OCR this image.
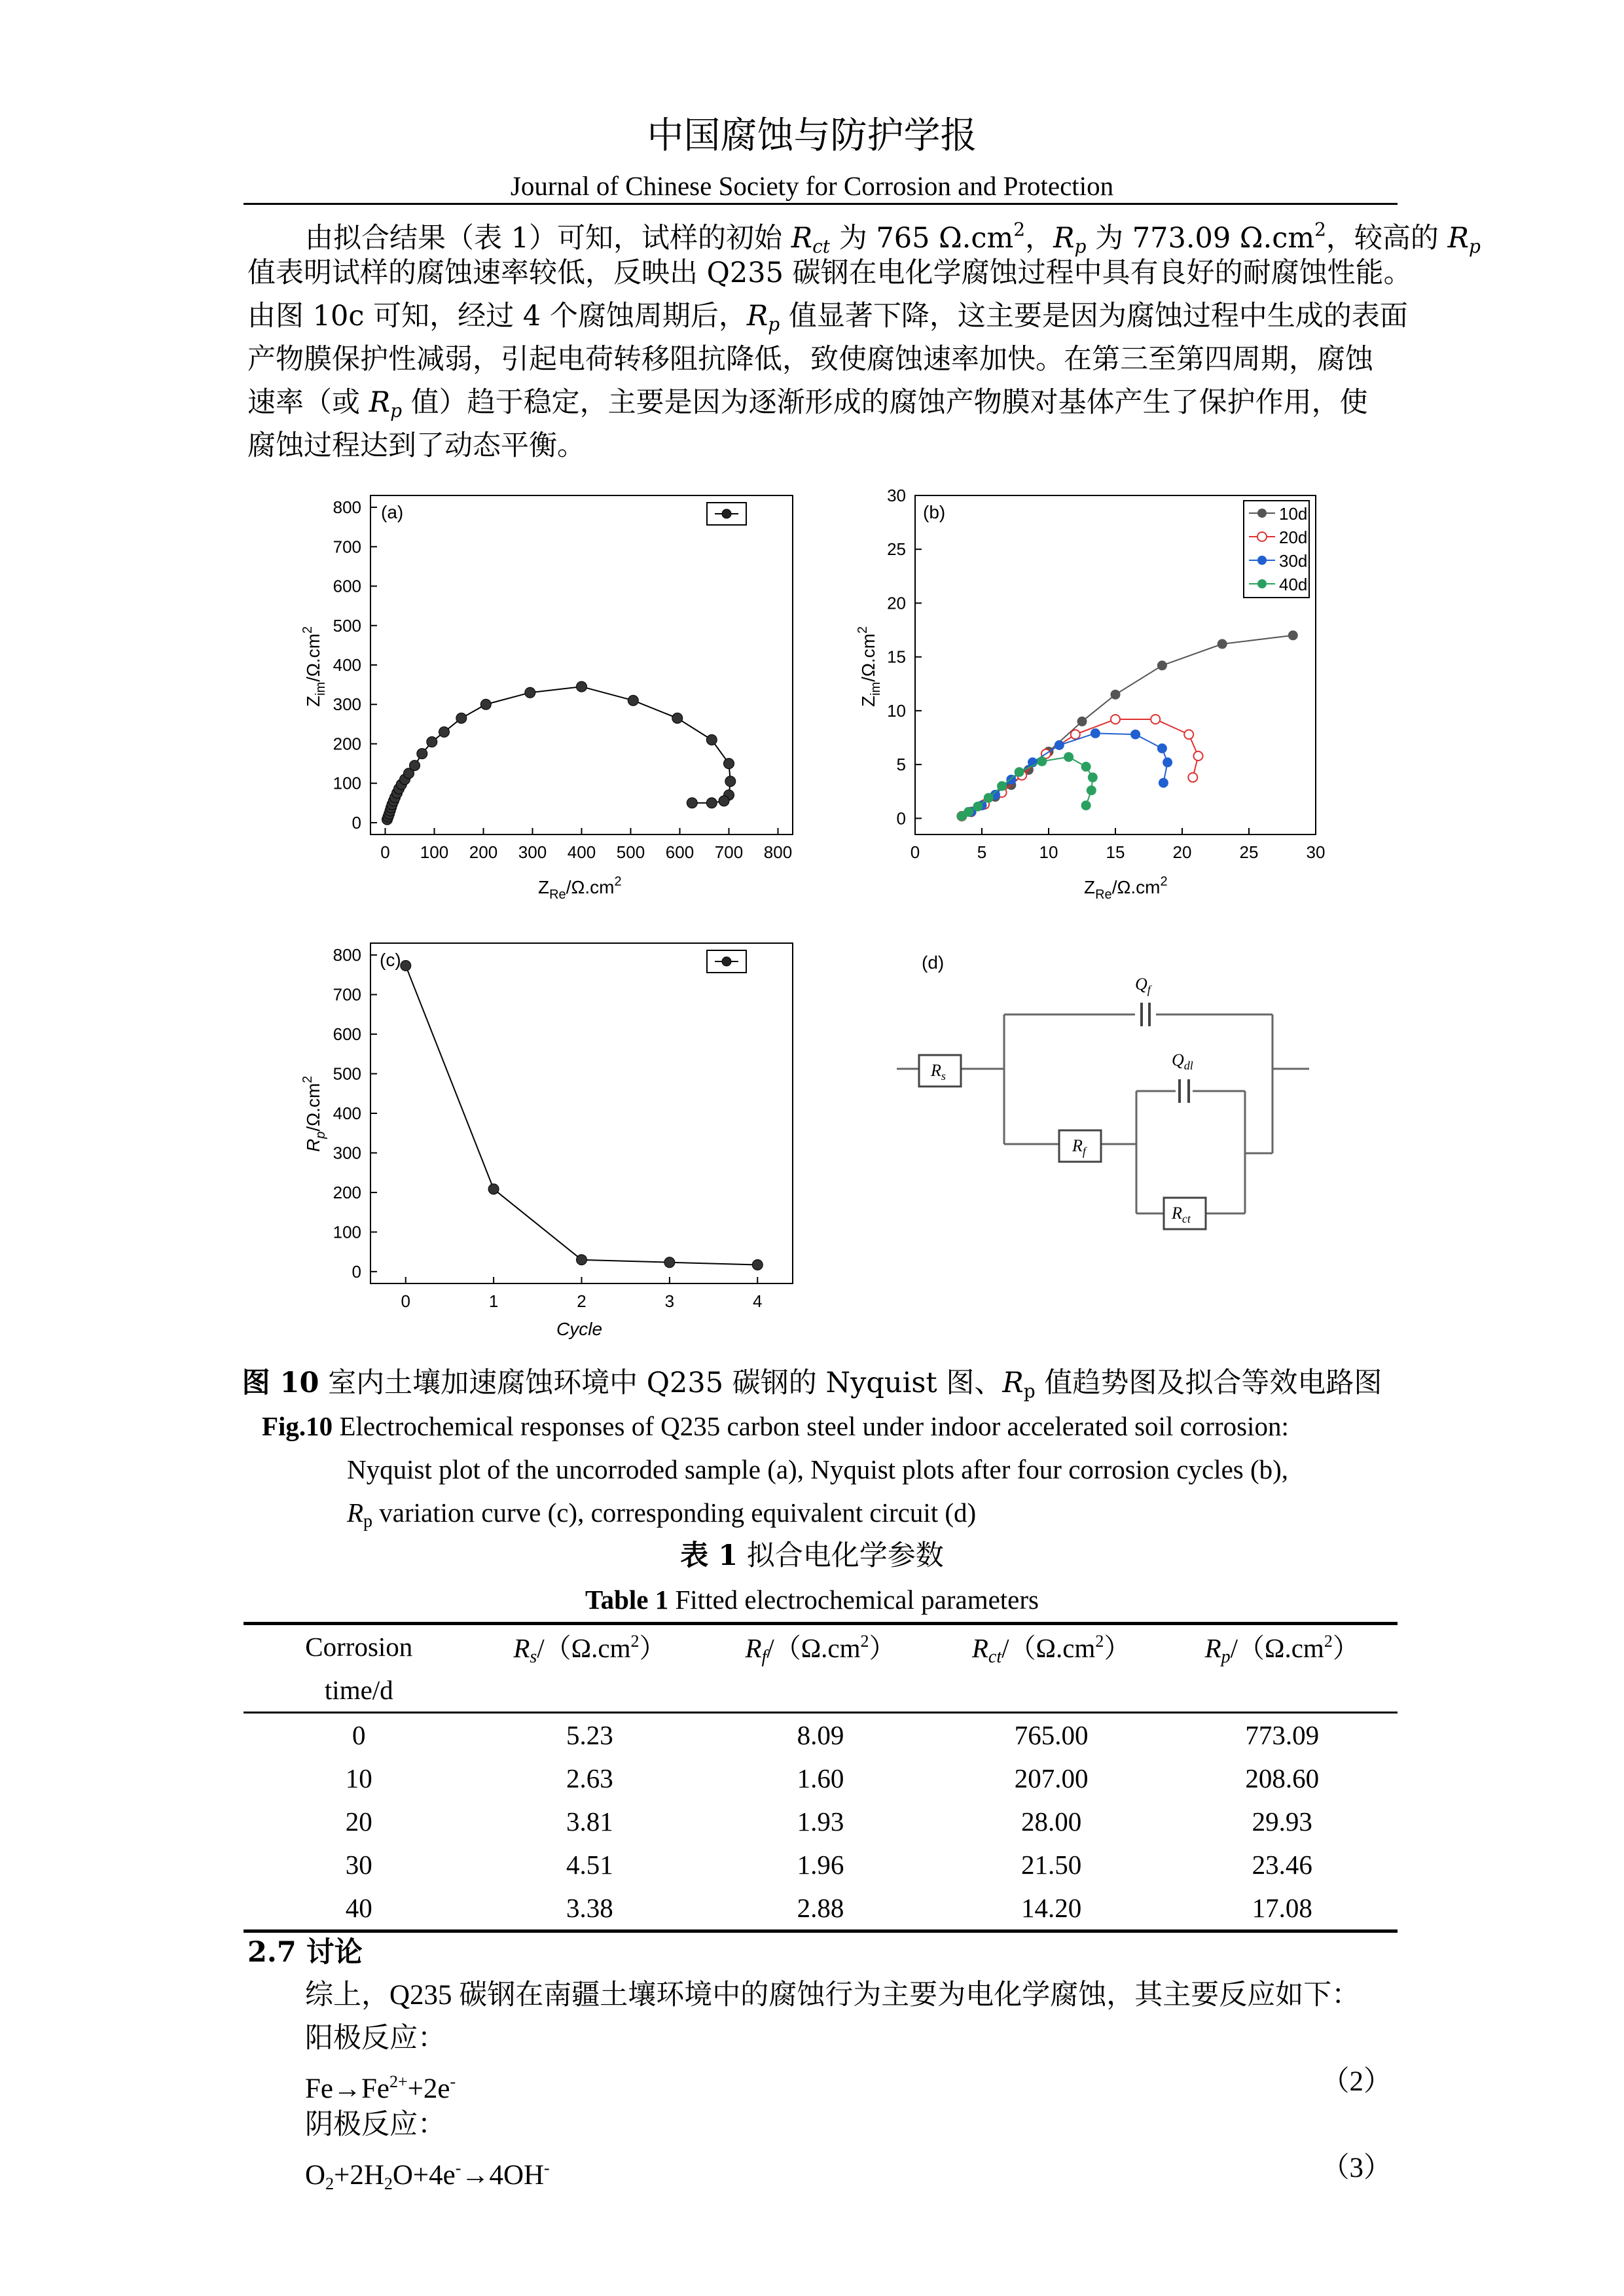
中国腐蚀与防护学报
Journal of Chinese Society for Corrosion and Protection
由拟合结果（表 1）可知，试样的初始 $R_{ct}$ 为 765 $\Omega.cm^2$，$R_p$ 为 773.09 $\Omega.cm^2$，较高的 $R_p$
值表明试样的腐蚀速率较低，反映出 Q235 碳钢在电化学腐蚀过程中具有良好的耐腐蚀性能。
由图 10c 可知，经过 4 个腐蚀周期后，$R_p$ 值显著下降，这主要是因为腐蚀过程中生成的表面
产物膜保护性减弱，引起电荷转移阻抗降低，致使腐蚀速率加快。在第三至第四周期，腐蚀
速率（或 $R_p$ 值）趋于稳定，主要是因为逐渐形成的腐蚀产物膜对基体产生了保护作用，使
腐蚀过程达到了动态平衡。
0 100 200 300 400 500 600 700 800
0
100
200
300
400
500
600
700
800 (a)
$Z_{Re}/\Omega.cm^2$
$Z_{im}/\Omega.cm^2$
0	5	10	15	20	25	30
0
5
10
15
20
25
30
(b)	10d
20d
30d
40d
$Z_{Re}/\Omega.cm^2$
$Z_{im}/\Omega.cm^2$
0	1	2	3	4
0
100
200
300
400
500
600
700
800 (c)
Cycle
$R_p/\Omega.cm^2$
(d)
$R_s$
$R_f$
$R_{ct}$
$Q_f$
$Q_{dl}$
图 10 室内土壤加速腐蚀环境中 Q235 碳钢的 Nyquist 图、Rp 值趋势图及拟合等效电路图
Fig.10 Electrochemical responses of Q235 carbon steel under indoor accelerated soil corrosion:
Nyquist plot of the uncorroded sample (a), Nyquist plots after four corrosion cycles (b),
Rp variation curve (c), corresponding equivalent circuit (d)
表 1 拟合电化学参数
Table 1 Fitted electrochemical parameters
Corrosion	$Rs/(\Omega.cm^2)$	$Rf/(\Omega.cm^2)$	Rct/$(\Omega.cm^2)$	$Rp/(\Omega.cm^2)$
time/d				
0	5.23	8.09	765.00	773.09
10	2.63	1.60	207.00	208.60
20	3.81	1.93	28.00	29.93
30	4.51	1.96	21.50	23.46
40	3.38	2.88	14.20	17.08
2.7 讨论
综上，Q235 碳钢在南疆土壤环境中的腐蚀行为主要为电化学腐蚀，其主要反应如下：
阳极反应：
$Fe\to Fe^{2+}+2e^-$	（2）
阴极反应：
O2+2H2O+4e-→4OH-	（3）
